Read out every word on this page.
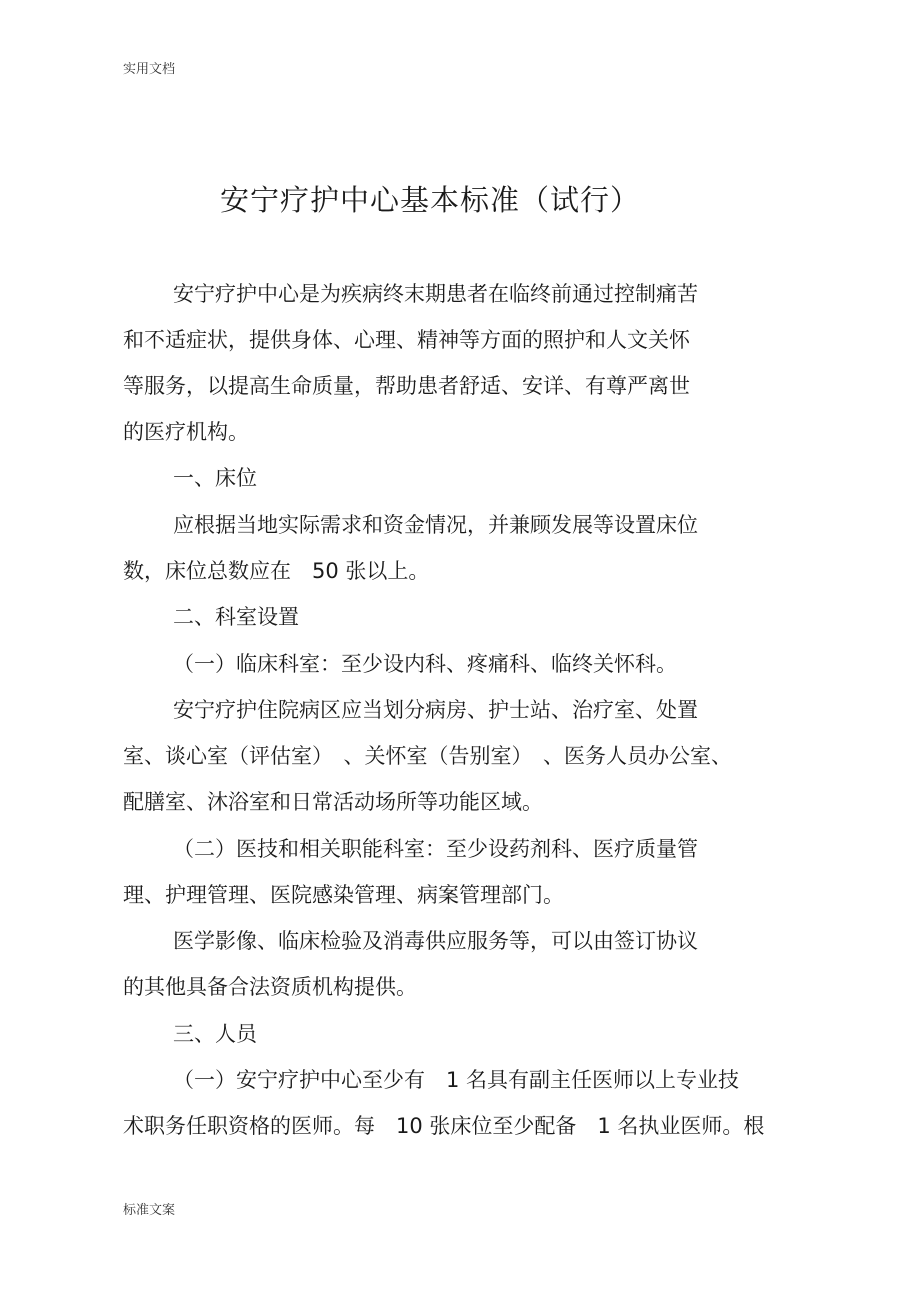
实用文档
安宁疗护中心基本标准（试行）
安宁疗护中心是为疾病终末期患者在临终前通过控制痛苦
和不适症状，提供身体、心理、精神等方面的照护和人文关怀
等服务，以提高生命质量，帮助患者舒适、安详、有尊严离世
的医疗机构。
一、床位
应根据当地实际需求和资金情况，并兼顾发展等设置床位
数，床位总数应在　50 张以上。
二、科室设置
（一）临床科室：至少设内科、疼痛科、临终关怀科。
安宁疗护住院病区应当划分病房、护士站、治疗室、处置
室、谈心室（评估室）　、关怀室（告别室）　、医务人员办公室、
配膳室、沐浴室和日常活动场所等功能区域。
（二）医技和相关职能科室：至少设药剂科、医疗质量管
理、护理管理、医院感染管理、病案管理部门。
医学影像、临床检验及消毒供应服务等，可以由签订协议
的其他具备合法资质机构提供。
三、人员
（一）安宁疗护中心至少有　1 名具有副主任医师以上专业技
术职务任职资格的医师。每　10 张床位至少配备　1 名执业医师。根
标准文案
